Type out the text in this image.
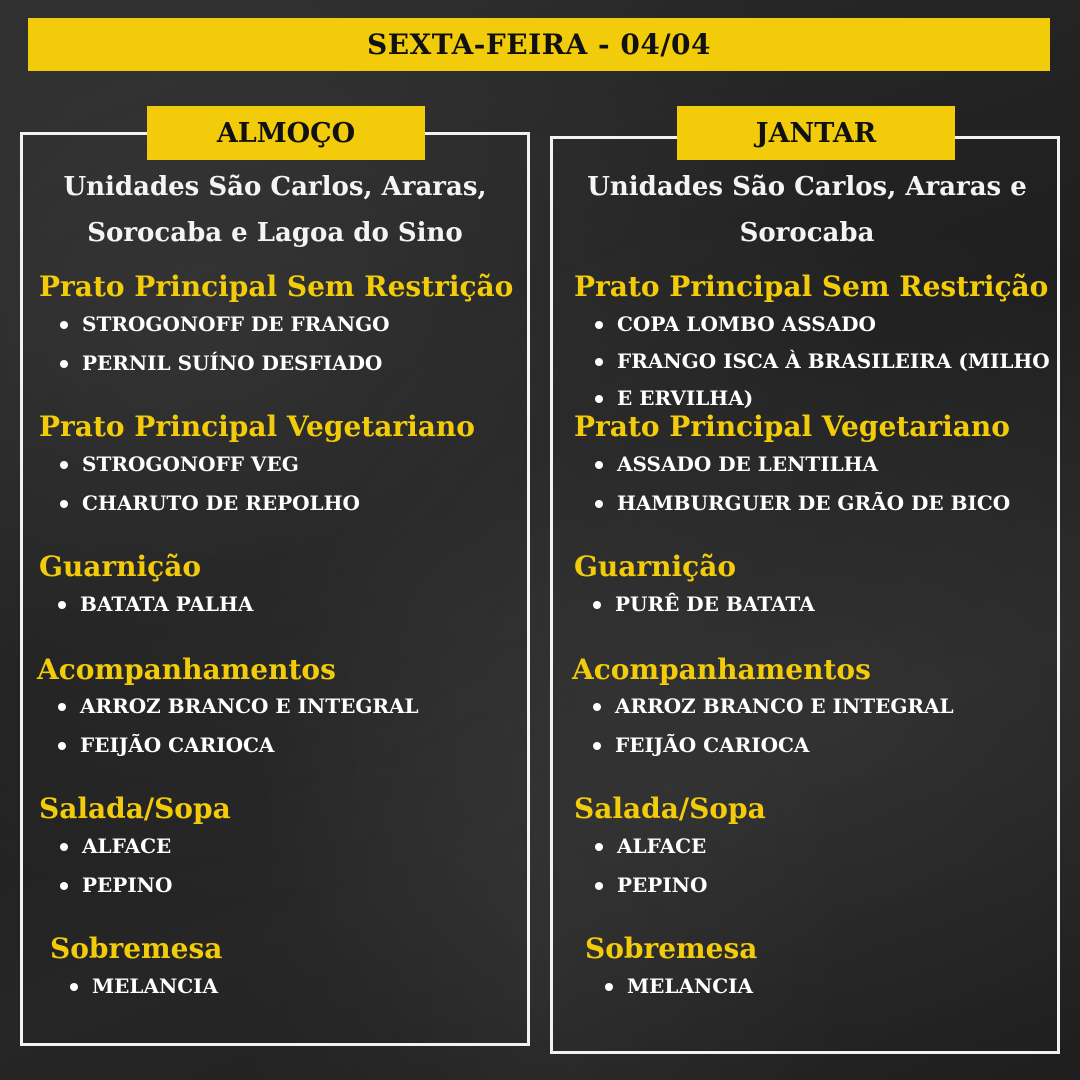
SEXTA-FEIRA - 04/04
ALMOÇO	JANTAR
Unidades São Carlos, Araras,
Sorocaba e Lagoa do Sino
Unidades São Carlos, Araras e
Sorocaba
Prato Principal Sem Restrição
STROGONOFF DE FRANGO
PERNIL SUÍNO DESFIADO
Prato Principal Vegetariano
STROGONOFF VEG
CHARUTO DE REPOLHO
Guarnição
BATATA PALHA
Acompanhamentos
ARROZ BRANCO E INTEGRAL
FEIJÃO CARIOCA
Salada/Sopa
ALFACE
PEPINO
Sobremesa
MELANCIA
Prato Principal Sem Restrição
COPA LOMBO ASSADO
FRANGO ISCA À BRASILEIRA (MILHO
E ERVILHA)
Prato Principal Vegetariano
ASSADO DE LENTILHA
HAMBURGUER DE GRÃO DE BICO
Guarnição
PURÊ DE BATATA
Acompanhamentos
ARROZ BRANCO E INTEGRAL
FEIJÃO CARIOCA
Salada/Sopa
ALFACE
PEPINO
Sobremesa
MELANCIA
